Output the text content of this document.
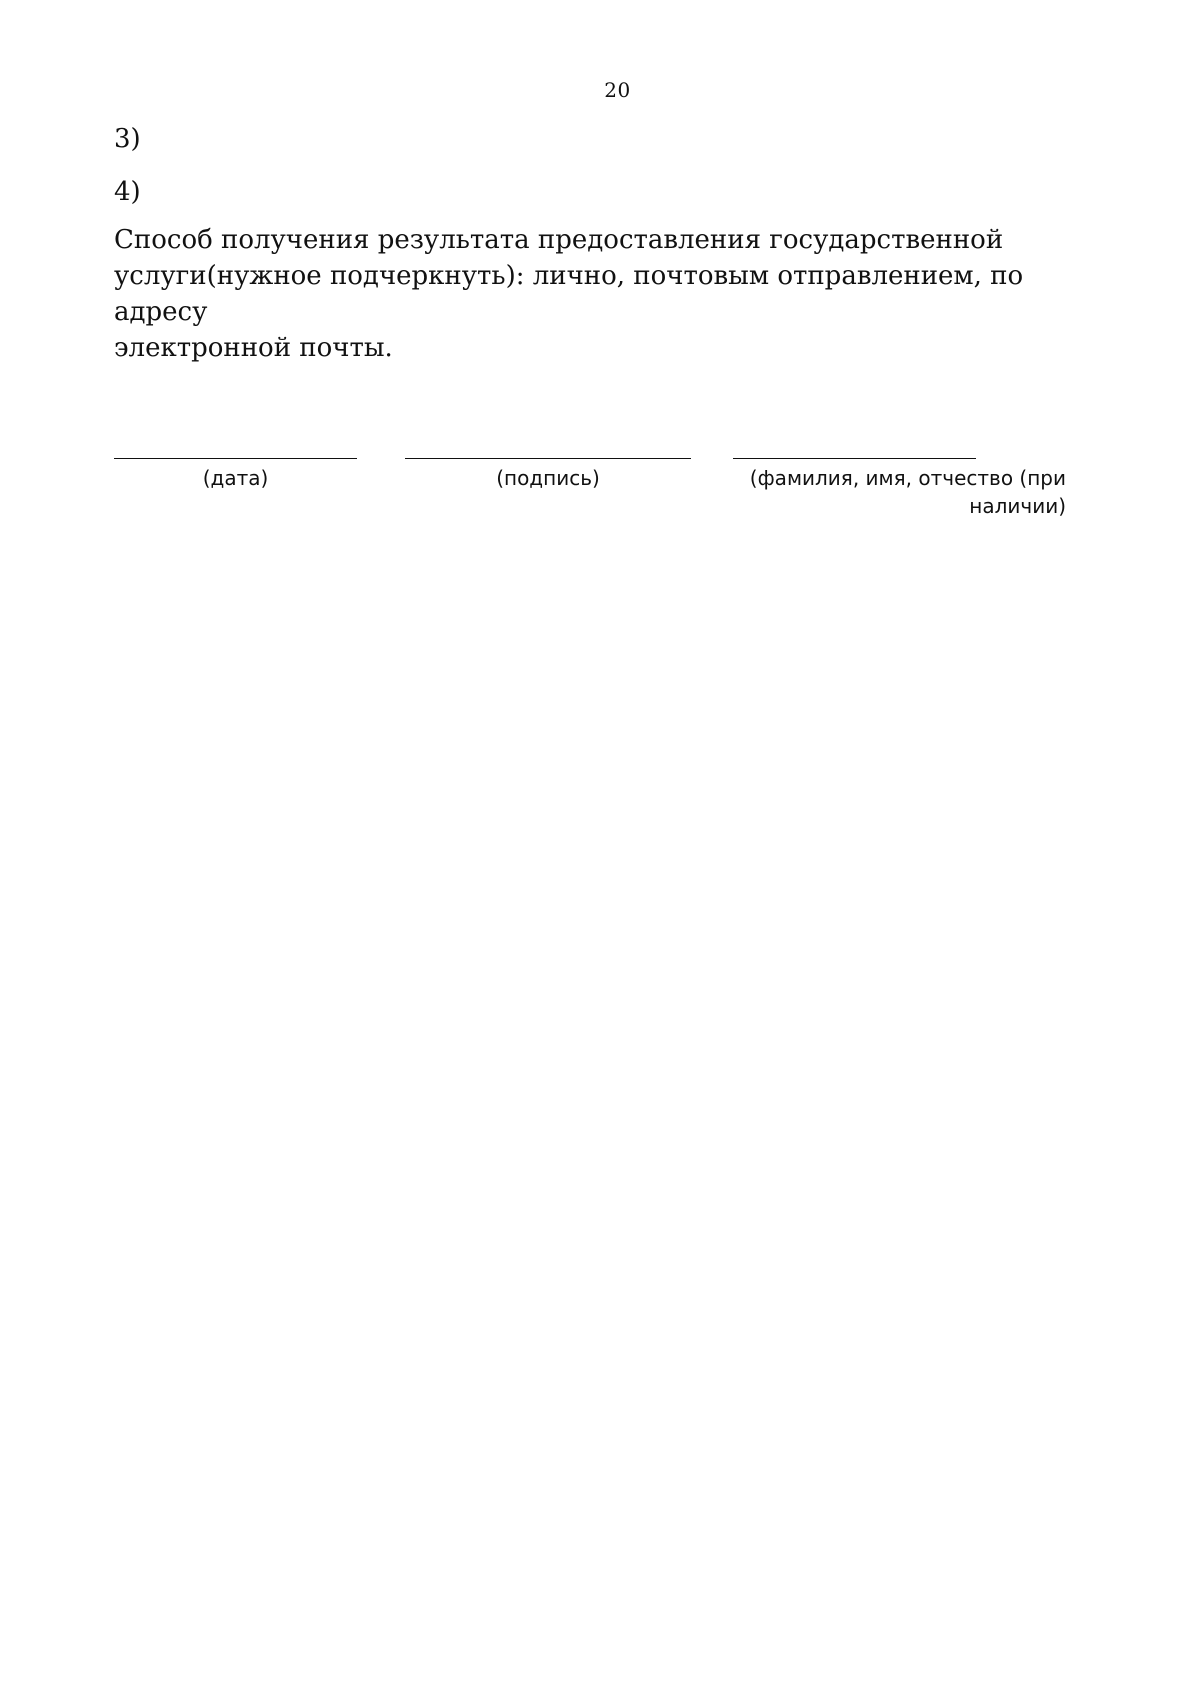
20
3)
4)
Способ получения результата предоставления государственной
услуги(нужное подчеркнуть): лично, почтовым отправлением, по адресу
электронной почты.
(дата)	(подпись)	(фамилия, имя, отчество (при
наличии)
